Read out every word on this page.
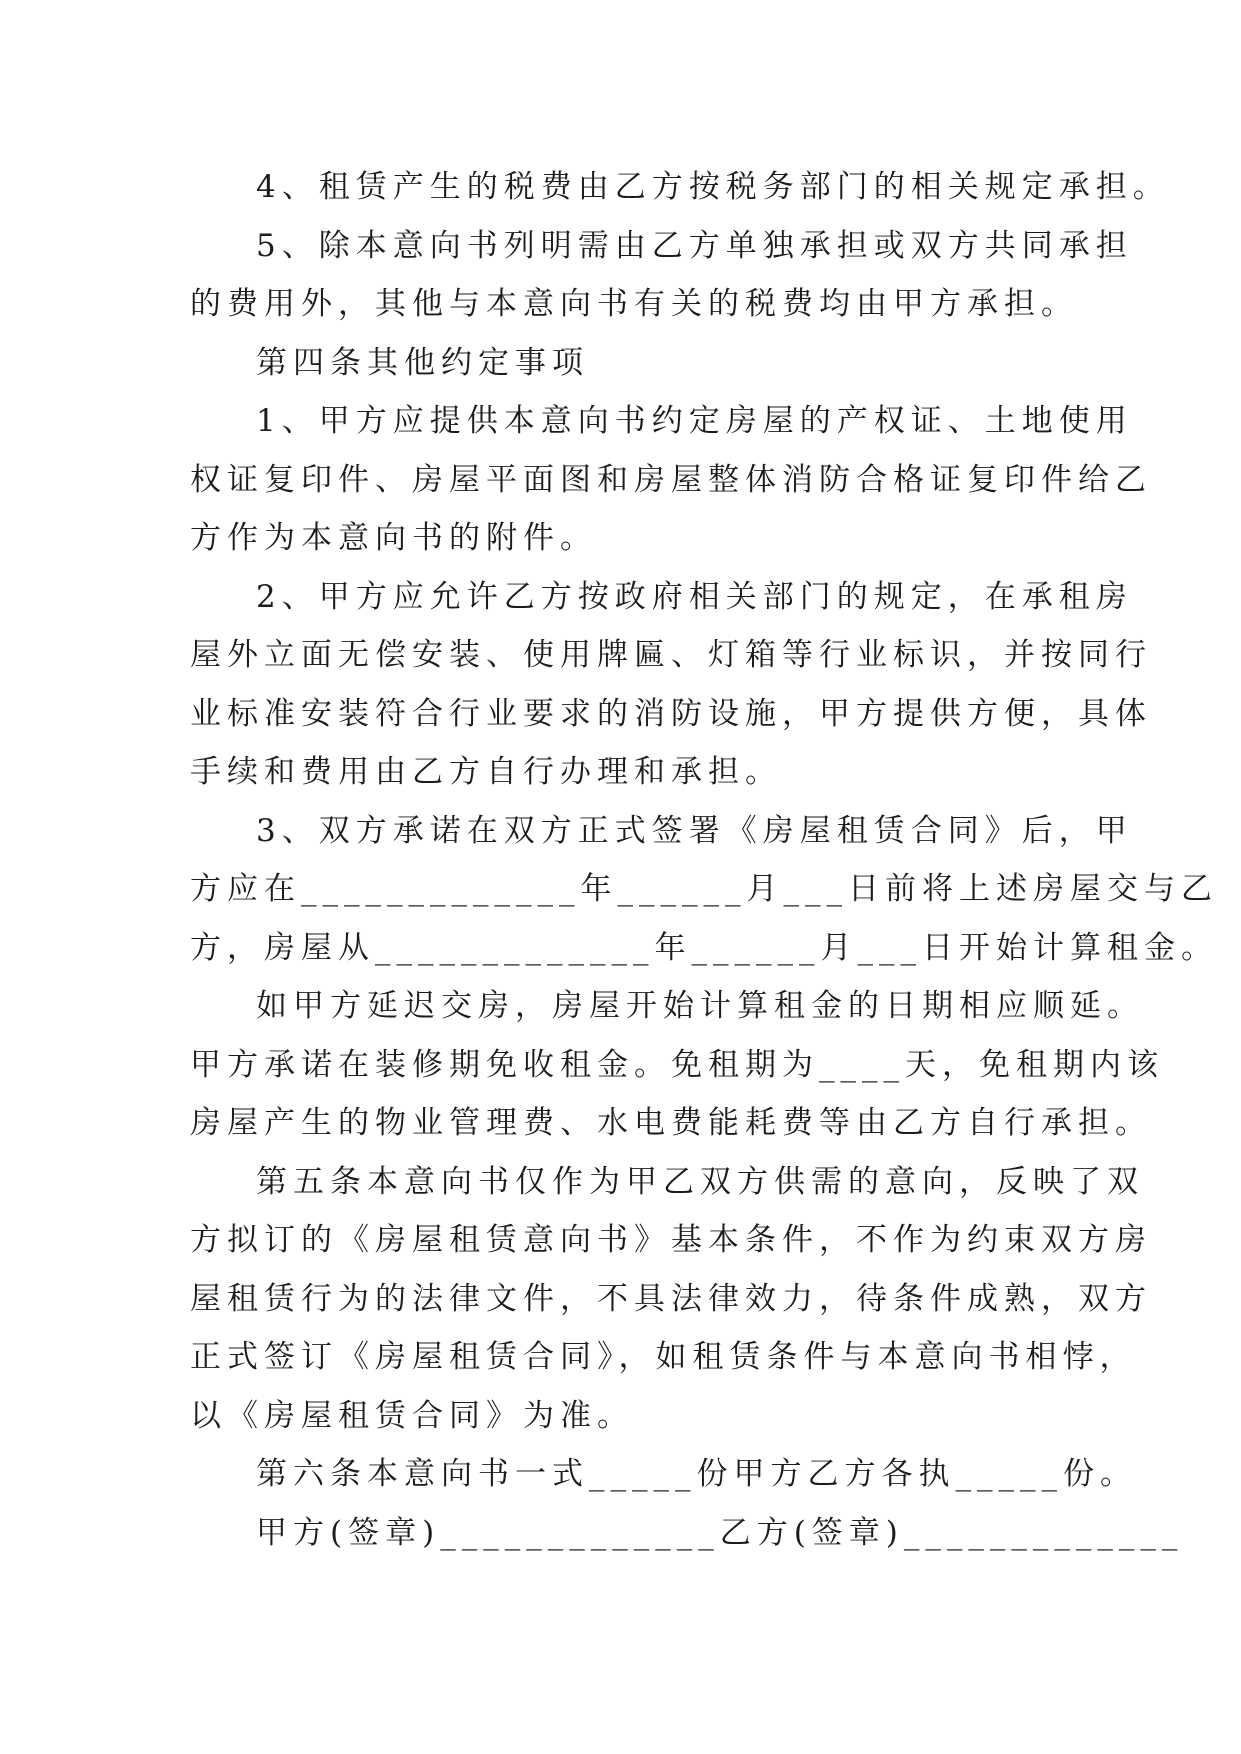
4、租赁产生的税费由乙方按税务部门的相关规定承担。

5、除本意向书列明需由乙方单独承担或双方共同承担
的费用外，其他与本意向书有关的税费均由甲方承担。

第四条其他约定事项

1、甲方应提供本意向书约定房屋的产权证、土地使用
权证复印件、房屋平面图和房屋整体消防合格证复印件给乙
方作为本意向书的附件。

2、甲方应允许乙方按政府相关部门的规定，在承租房
屋外立面无偿安装、使用牌匾、灯箱等行业标识，并按同行
业标准安装符合行业要求的消防设施，甲方提供方便，具体
手续和费用由乙方自行办理和承担。

3、双方承诺在双方正式签署《房屋租赁合同》后，甲
方应在_____________年______月___日前将上述房屋交与乙
方，房屋从_____________年______月___日开始计算租金。

如甲方延迟交房，房屋开始计算租金的日期相应顺延。
甲方承诺在装修期免收租金。免租期为____天，免租期内该
房屋产生的物业管理费、水电费能耗费等由乙方自行承担。

第五条本意向书仅作为甲乙双方供需的意向，反映了双
方拟订的《房屋租赁意向书》基本条件，不作为约束双方房
屋租赁行为的法律文件，不具法律效力，待条件成熟，双方
正式签订《房屋租赁合同》，如租赁条件与本意向书相悖，
以《房屋租赁合同》为准。

第六条本意向书一式_____份甲方乙方各执_____份。

甲方(签章)_____________乙方(签章)_____________
